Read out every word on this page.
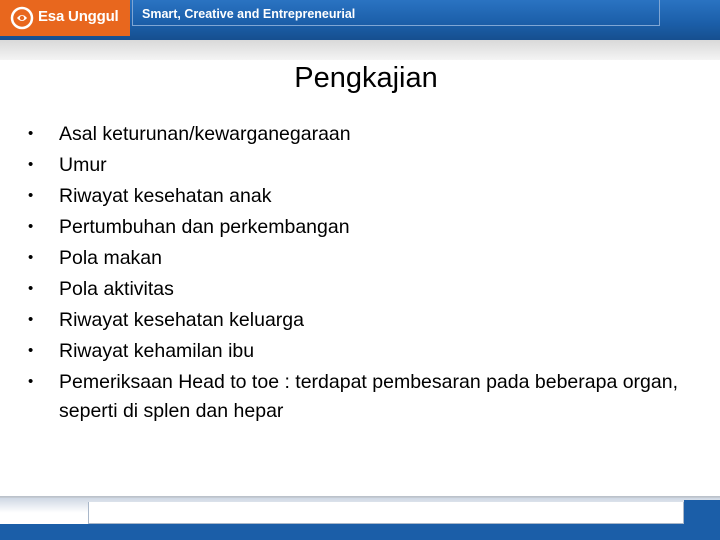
Esa Unggul Smart, Creative and Entrepreneurial
Pengkajian
•	Asal keturunan/kewarganegaraan
•	Umur
•	Riwayat kesehatan anak
•	Pertumbuhan dan perkembangan
•	Pola makan
•	Pola aktivitas
•	Riwayat kesehatan keluarga
•	Riwayat kehamilan ibu
•	Pemeriksaan Head to toe : terdapat pembesaran pada beberapa organ, seperti di splen dan hepar
